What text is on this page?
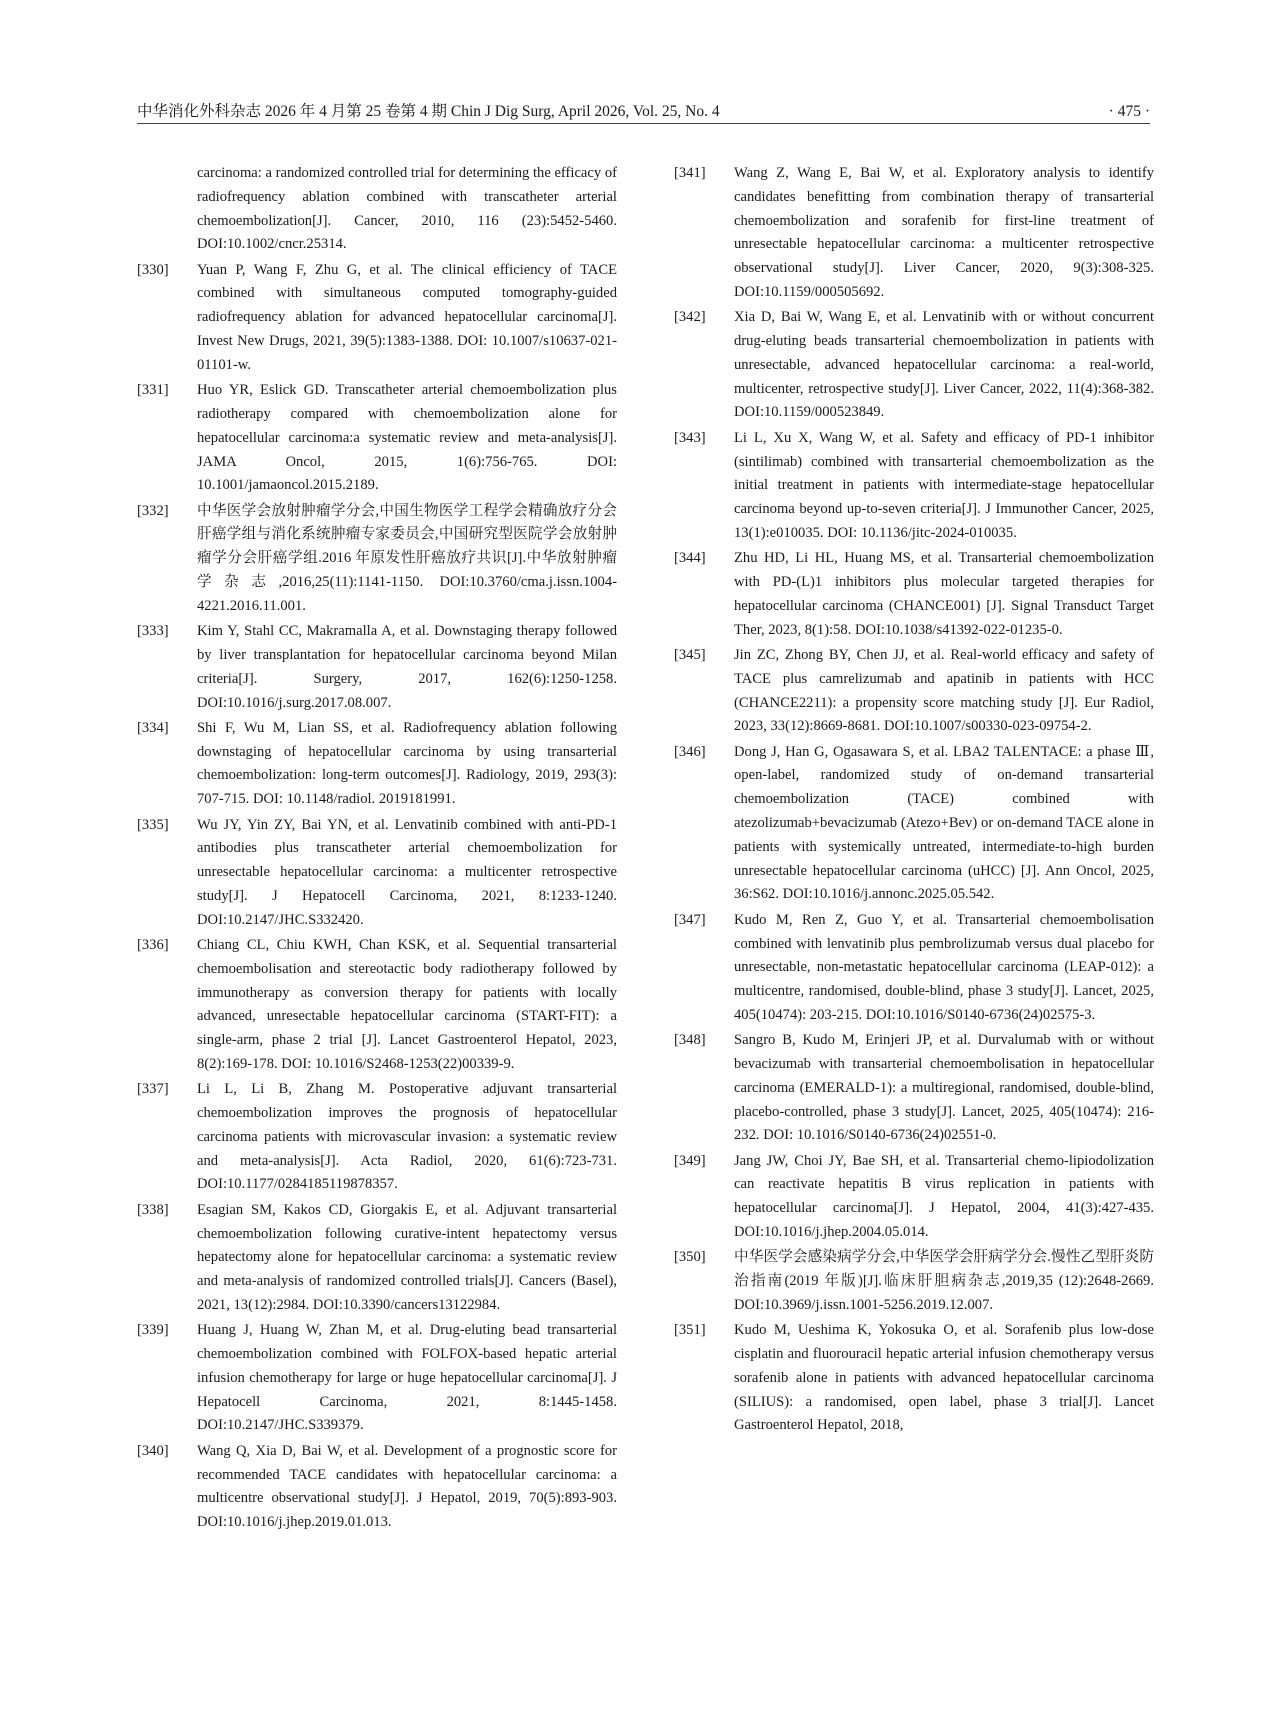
中华消化外科杂志 2026 年 4 月第 25 卷第 4 期 Chin J Dig Surg, April 2026, Vol. 25, No. 4	· 475 ·
carcinoma: a randomized controlled trial for determining the efficacy of radiofrequency ablation combined with transcatheter arterial chemoembolization[J]. Cancer, 2010, 116 (23):5452-5460. DOI:10.1002/cncr.25314.
[330] Yuan P, Wang F, Zhu G, et al. The clinical efficiency of TACE combined with simultaneous computed tomography-guided radiofrequency ablation for advanced hepatocellular carcinoma[J]. Invest New Drugs, 2021, 39(5):1383-1388. DOI: 10.1007/s10637-021-01101-w.
[331] Huo YR, Eslick GD. Transcatheter arterial chemoembolization plus radiotherapy compared with chemoembolization alone for hepatocellular carcinoma:a systematic review and meta-analysis[J]. JAMA Oncol, 2015, 1(6):756-765. DOI: 10.1001/jamaoncol.2015.2189.
[332] 中华医学会放射肿瘤学分会,中国生物医学工程学会精确放疗分会肝癌学组与消化系统肿瘤专家委员会,中国研究型医院学会放射肿瘤学分会肝癌学组.2016 年原发性肝癌放疗共识[J].中华放射肿瘤学杂志,2016,25(11):1141-1150. DOI:10.3760/cma.j.issn.1004-4221.2016.11.001.
[333] Kim Y, Stahl CC, Makramalla A, et al. Downstaging therapy followed by liver transplantation for hepatocellular carcinoma beyond Milan criteria[J]. Surgery, 2017, 162(6):1250-1258. DOI:10.1016/j.surg.2017.08.007.
[334] Shi F, Wu M, Lian SS, et al. Radiofrequency ablation following downstaging of hepatocellular carcinoma by using transarterial chemoembolization: long-term outcomes[J]. Radiology, 2019, 293(3): 707-715. DOI: 10.1148/radiol. 2019181991.
[335] Wu JY, Yin ZY, Bai YN, et al. Lenvatinib combined with anti-PD-1 antibodies plus transcatheter arterial chemoembolization for unresectable hepatocellular carcinoma: a multicenter retrospective study[J]. J Hepatocell Carcinoma, 2021, 8:1233-1240. DOI:10.2147/JHC.S332420.
[336] Chiang CL, Chiu KWH, Chan KSK, et al. Sequential transarterial chemoembolisation and stereotactic body radiotherapy followed by immunotherapy as conversion therapy for patients with locally advanced, unresectable hepatocellular carcinoma (START-FIT): a single-arm, phase 2 trial [J]. Lancet Gastroenterol Hepatol, 2023, 8(2):169-178. DOI: 10.1016/S2468-1253(22)00339-9.
[337] Li L, Li B, Zhang M. Postoperative adjuvant transarterial chemoembolization improves the prognosis of hepatocellular carcinoma patients with microvascular invasion: a systematic review and meta-analysis[J]. Acta Radiol, 2020, 61(6):723-731. DOI:10.1177/0284185119878357.
[338] Esagian SM, Kakos CD, Giorgakis E, et al. Adjuvant transarterial chemoembolization following curative-intent hepatectomy versus hepatectomy alone for hepatocellular carcinoma: a systematic review and meta-analysis of randomized controlled trials[J]. Cancers (Basel), 2021, 13(12):2984. DOI:10.3390/cancers13122984.
[339] Huang J, Huang W, Zhan M, et al. Drug-eluting bead transarterial chemoembolization combined with FOLFOX-based hepatic arterial infusion chemotherapy for large or huge hepatocellular carcinoma[J]. J Hepatocell Carcinoma, 2021, 8:1445-1458. DOI:10.2147/JHC.S339379.
[340] Wang Q, Xia D, Bai W, et al. Development of a prognostic score for recommended TACE candidates with hepatocellular carcinoma: a multicentre observational study[J]. J Hepatol, 2019, 70(5):893-903. DOI:10.1016/j.jhep.2019.01.013.
[341] Wang Z, Wang E, Bai W, et al. Exploratory analysis to identify candidates benefitting from combination therapy of transarterial chemoembolization and sorafenib for first-line treatment of unresectable hepatocellular carcinoma: a multicenter retrospective observational study[J]. Liver Cancer, 2020, 9(3):308-325. DOI:10.1159/000505692.
[342] Xia D, Bai W, Wang E, et al. Lenvatinib with or without concurrent drug-eluting beads transarterial chemoembolization in patients with unresectable, advanced hepatocellular carcinoma: a real-world, multicenter, retrospective study[J]. Liver Cancer, 2022, 11(4):368-382. DOI:10.1159/000523849.
[343] Li L, Xu X, Wang W, et al. Safety and efficacy of PD-1 inhibitor (sintilimab) combined with transarterial chemoembolization as the initial treatment in patients with intermediate-stage hepatocellular carcinoma beyond up-to-seven criteria[J]. J Immunother Cancer, 2025, 13(1):e010035. DOI: 10.1136/jitc-2024-010035.
[344] Zhu HD, Li HL, Huang MS, et al. Transarterial chemoembolization with PD-(L)1 inhibitors plus molecular targeted therapies for hepatocellular carcinoma (CHANCE001) [J]. Signal Transduct Target Ther, 2023, 8(1):58. DOI:10.1038/s41392-022-01235-0.
[345] Jin ZC, Zhong BY, Chen JJ, et al. Real-world efficacy and safety of TACE plus camrelizumab and apatinib in patients with HCC (CHANCE2211): a propensity score matching study [J]. Eur Radiol, 2023, 33(12):8669-8681. DOI:10.1007/s00330-023-09754-2.
[346] Dong J, Han G, Ogasawara S, et al. LBA2 TALENTACE: a phase Ⅲ, open-label, randomized study of on-demand transarterial chemoembolization (TACE) combined with atezolizumab+bevacizumab (Atezo+Bev) or on-demand TACE alone in patients with systemically untreated, intermediate-to-high burden unresectable hepatocellular carcinoma (uHCC) [J]. Ann Oncol, 2025, 36:S62. DOI:10.1016/j.annonc.2025.05.542.
[347] Kudo M, Ren Z, Guo Y, et al. Transarterial chemoembolisation combined with lenvatinib plus pembrolizumab versus dual placebo for unresectable, non-metastatic hepatocellular carcinoma (LEAP-012): a multicentre, randomised, double-blind, phase 3 study[J]. Lancet, 2025, 405(10474): 203-215. DOI:10.1016/S0140-6736(24)02575-3.
[348] Sangro B, Kudo M, Erinjeri JP, et al. Durvalumab with or without bevacizumab with transarterial chemoembolisation in hepatocellular carcinoma (EMERALD-1): a multiregional, randomised, double-blind, placebo-controlled, phase 3 study[J]. Lancet, 2025, 405(10474): 216-232. DOI: 10.1016/S0140-6736(24)02551-0.
[349] Jang JW, Choi JY, Bae SH, et al. Transarterial chemo-lipiodolization can reactivate hepatitis B virus replication in patients with hepatocellular carcinoma[J]. J Hepatol, 2004, 41(3):427-435. DOI:10.1016/j.jhep.2004.05.014.
[350] 中华医学会感染病学分会,中华医学会肝病学分会.慢性乙型肝炎防治指南(2019 年版)[J].临床肝胆病杂志,2019,35 (12):2648-2669. DOI:10.3969/j.issn.1001-5256.2019.12.007.
[351] Kudo M, Ueshima K, Yokosuka O, et al. Sorafenib plus low-dose cisplatin and fluorouracil hepatic arterial infusion chemotherapy versus sorafenib alone in patients with advanced hepatocellular carcinoma (SILIUS): a randomised, open label, phase 3 trial[J]. Lancet Gastroenterol Hepatol, 2018,
